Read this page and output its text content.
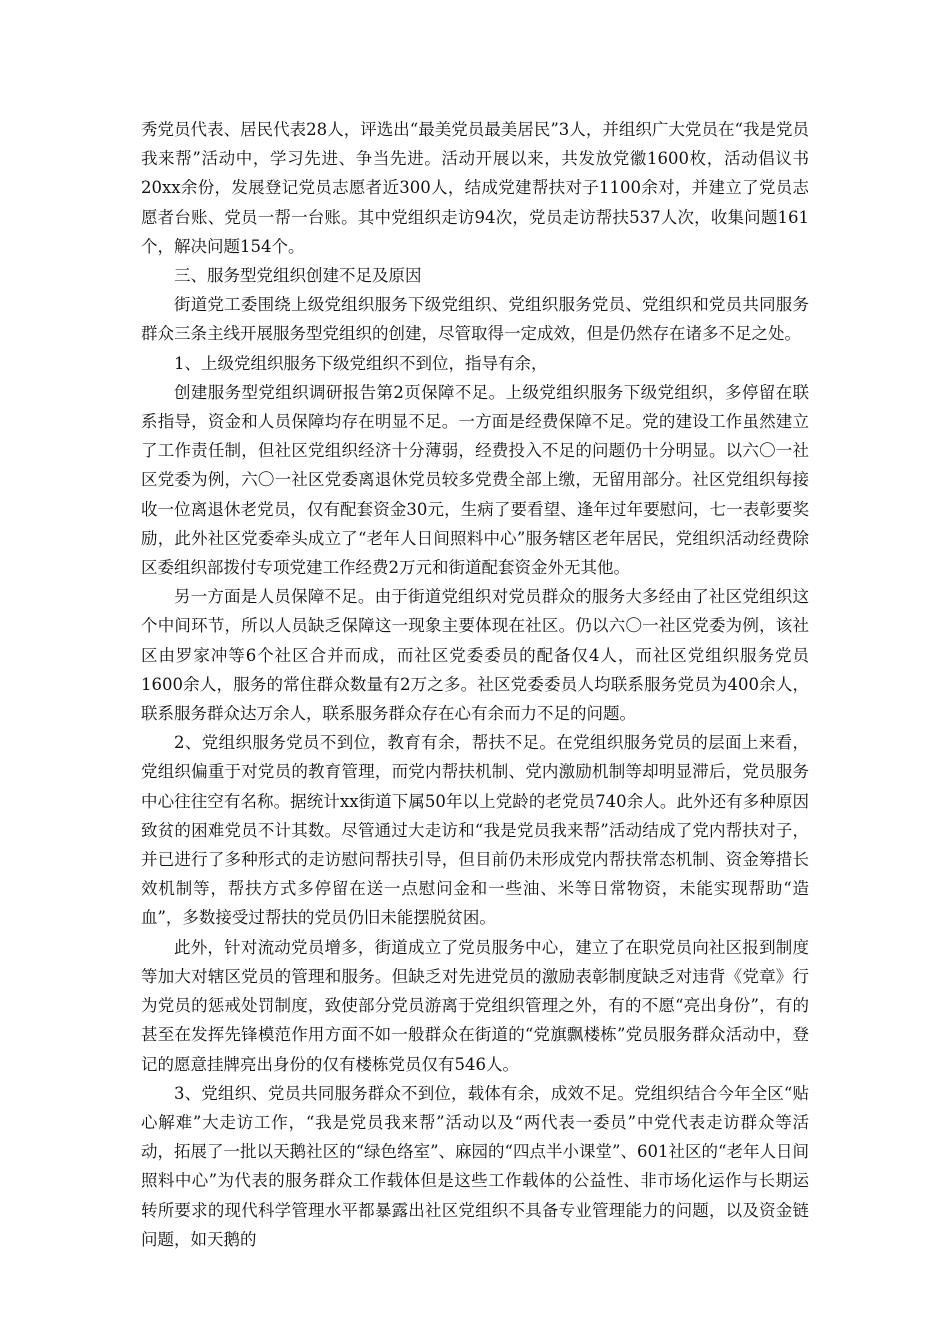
秀党员代表、居民代表28人，评选出“最美党员最美居民”3人，并组织广大党员在“我是党员我来帮”活动中，学习先进、争当先进。活动开展以来，共发放党徽1600枚，活动倡议书20xx余份，发展登记党员志愿者近300人，结成党建帮扶对子1100余对，并建立了党员志愿者台账、党员一帮一台账。其中党组织走访94次，党员走访帮扶537人次，收集问题161个，解决问题154个。

三、服务型党组织创建不足及原因

街道党工委围绕上级党组织服务下级党组织、党组织服务党员、党组织和党员共同服务群众三条主线开展服务型党组织的创建，尽管取得一定成效，但是仍然存在诸多不足之处。

1、上级党组织服务下级党组织不到位，指导有余，

创建服务型党组织调研报告第2页保障不足。上级党组织服务下级党组织，多停留在联系指导，资金和人员保障均存在明显不足。一方面是经费保障不足。党的建设工作虽然建立了工作责任制，但社区党组织经济十分薄弱，经费投入不足的问题仍十分明显。以六〇一社区党委为例，六〇一社区党委离退休党员较多党费全部上缴，无留用部分。社区党组织每接收一位离退休老党员，仅有配套资金30元，生病了要看望、逢年过年要慰问，七一表彰要奖励，此外社区党委牵头成立了“老年人日间照料中心”服务辖区老年居民，党组织活动经费除区委组织部拨付专项党建工作经费2万元和街道配套资金外无其他。

另一方面是人员保障不足。由于街道党组织对党员群众的服务大多经由了社区党组织这个中间环节，所以人员缺乏保障这一现象主要体现在社区。仍以六〇一社区党委为例，该社区由罗家冲等6个社区合并而成，而社区党委委员的配备仅4人，而社区党组织服务党员1600余人，服务的常住群众数量有2万之多。社区党委委员人均联系服务党员为400余人，联系服务群众达万余人，联系服务群众存在心有余而力不足的问题。

2、党组织服务党员不到位，教育有余，帮扶不足。在党组织服务党员的层面上来看，党组织偏重于对党员的教育管理，而党内帮扶机制、党内激励机制等却明显滞后，党员服务中心往往空有名称。据统计xx街道下属50年以上党龄的老党员740余人。此外还有多种原因致贫的困难党员不计其数。尽管通过大走访和“我是党员我来帮”活动结成了党内帮扶对子，并已进行了多种形式的走访慰问帮扶引导，但目前仍未形成党内帮扶常态机制、资金筹措长效机制等，帮扶方式多停留在送一点慰问金和一些油、米等日常物资，未能实现帮助“造血”，多数接受过帮扶的党员仍旧未能摆脱贫困。

此外，针对流动党员增多，街道成立了党员服务中心，建立了在职党员向社区报到制度等加大对辖区党员的管理和服务。但缺乏对先进党员的激励表彰制度缺乏对违背《党章》行为党员的惩戒处罚制度，致使部分党员游离于党组织管理之外，有的不愿“亮出身份”，有的甚至在发挥先锋模范作用方面不如一般群众在街道的“党旗飘楼栋”党员服务群众活动中，登记的愿意挂牌亮出身份的仅有楼栋党员仅有546人。

3、党组织、党员共同服务群众不到位，载体有余，成效不足。党组织结合今年全区“贴心解难”大走访工作，“我是党员我来帮”活动以及“两代表一委员”中党代表走访群众等活动，拓展了一批以天鹅社区的“绿色络室”、麻园的“四点半小课堂”、601社区的“老年人日间照料中心”为代表的服务群众工作载体但是这些工作载体的公益性、非市场化运作与长期运转所要求的现代科学管理水平都暴露出社区党组织不具备专业管理能力的问题，以及资金链问题，如天鹅的
